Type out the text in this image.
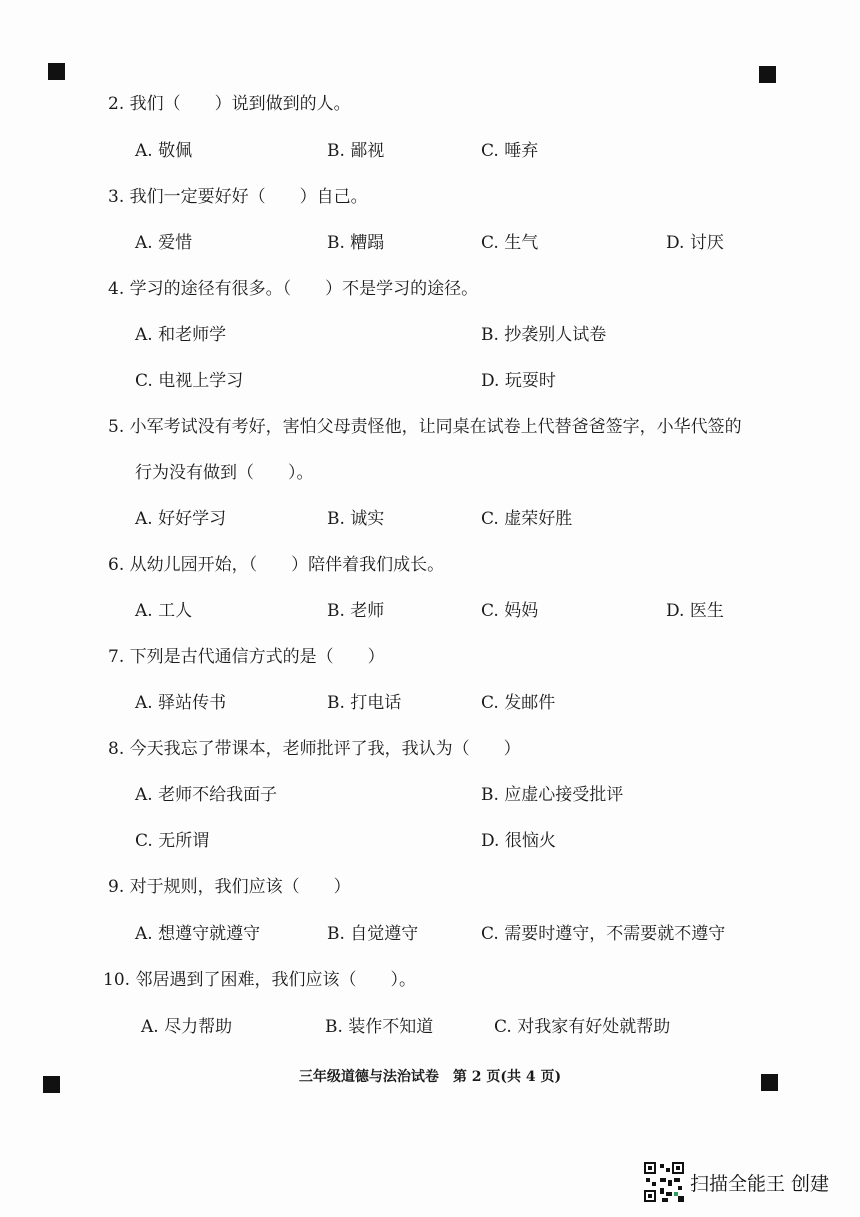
2. 我们（　　）说到做到的人。
A. 敬佩	B. 鄙视	C. 唾弃
3. 我们一定要好好（　　）自己。
A. 爱惜	B. 糟蹋	C. 生气	D. 讨厌
4. 学习的途径有很多。（　　）不是学习的途径。
A. 和老师学	B. 抄袭别人试卷
C. 电视上学习	D. 玩耍时
5. 小军考试没有考好，害怕父母责怪他，让同桌在试卷上代替爸爸签字，小华代签的
行为没有做到（　　）。
A. 好好学习	B. 诚实	C. 虚荣好胜
6. 从幼儿园开始，（　　）陪伴着我们成长。
A. 工人	B. 老师	C. 妈妈	D. 医生
7. 下列是古代通信方式的是（　　）
A. 驿站传书	B. 打电话	C. 发邮件
8. 今天我忘了带课本，老师批评了我，我认为（　　）
A. 老师不给我面子	B. 应虚心接受批评
C. 无所谓	D. 很恼火
9. 对于规则，我们应该（　　）
A. 想遵守就遵守	B. 自觉遵守	C. 需要时遵守，不需要就不遵守
10. 邻居遇到了困难，我们应该（　　）。
A. 尽力帮助	B. 装作不知道	C. 对我家有好处就帮助
三年级道德与法治试卷　第 2 页(共 4 页)
扫描全能王 创建
